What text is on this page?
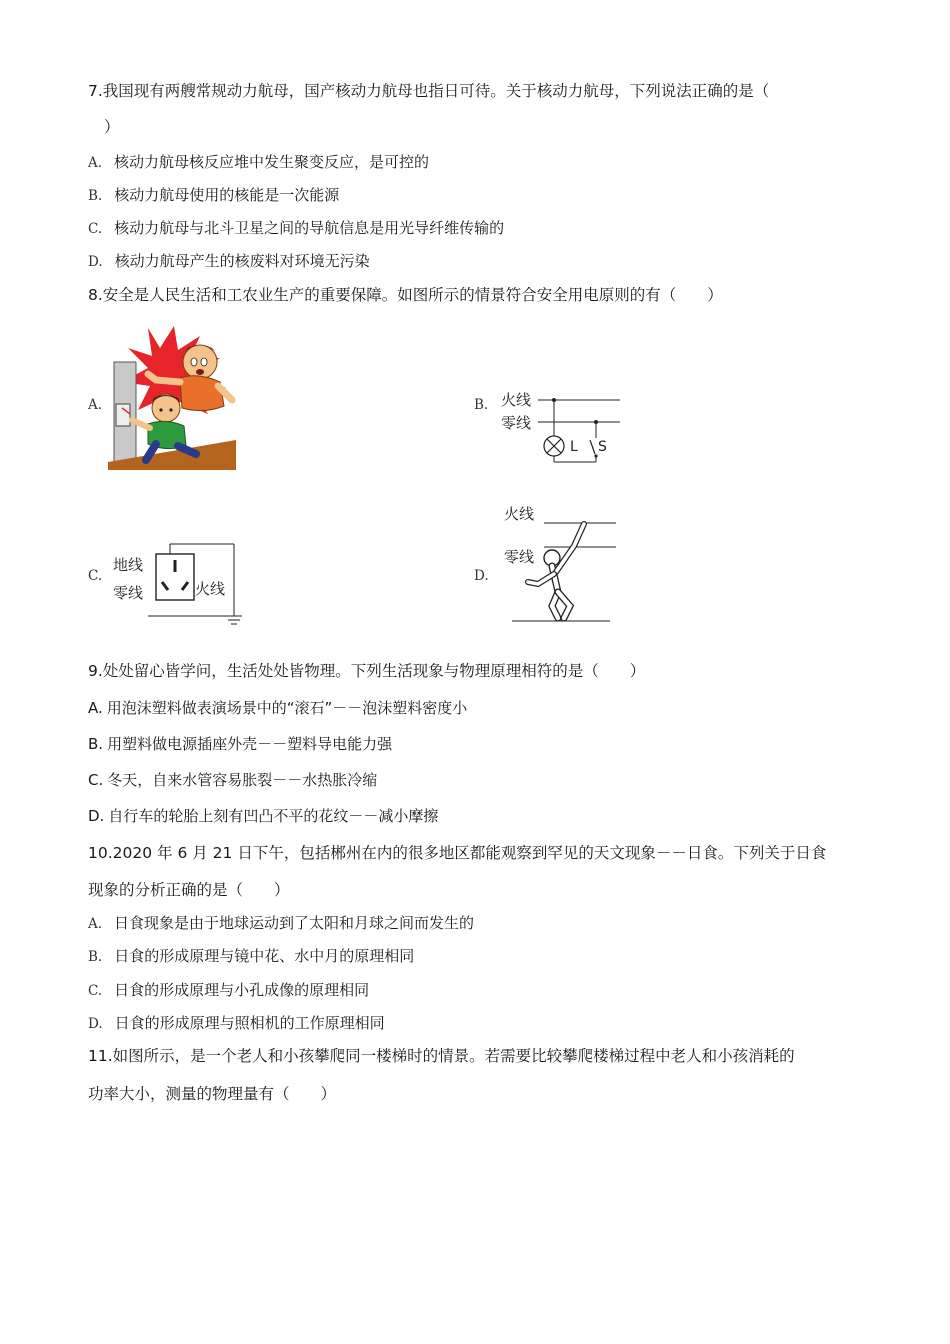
7.我国现有两艘常规动力航母，国产核动力航母也指日可待。关于核动力航母，下列说法正确的是（
）
A. 核动力航母核反应堆中发生聚变反应，是可控的
B. 核动力航母使用的核能是一次能源
C. 核动力航母与北斗卫星之间的导航信息是用光导纤维传输的
D. 核动力航母产生的核废料对环境无污染
8.安全是人民生活和工农业生产的重要保障。如图所示的情景符合安全用电原则的有（　　）
A.	B. 火线
零线
L S
C.
地线
零线	火线
D.
火线
零线
9.处处留心皆学问，生活处处皆物理。下列生活现象与物理原理相符的是（　　）
A. 用泡沫塑料做表演场景中的“滚石”－－泡沫塑料密度小
B. 用塑料做电源插座外壳－－塑料导电能力强
C. 冬天，自来水管容易胀裂－－水热胀冷缩
D. 自行车的轮胎上刻有凹凸不平的花纹－－减小摩擦
10.2020 年 6 月 21 日下午，包括郴州在内的很多地区都能观察到罕见的天文现象－－日食。下列关于日食
现象的分析正确的是（　　）
A. 日食现象是由于地球运动到了太阳和月球之间而发生的
B. 日食的形成原理与镜中花、水中月的原理相同
C. 日食的形成原理与小孔成像的原理相同
D. 日食的形成原理与照相机的工作原理相同
11.如图所示，是一个老人和小孩攀爬同一楼梯时的情景。若需要比较攀爬楼梯过程中老人和小孩消耗的
功率大小，测量的物理量有（　　）
